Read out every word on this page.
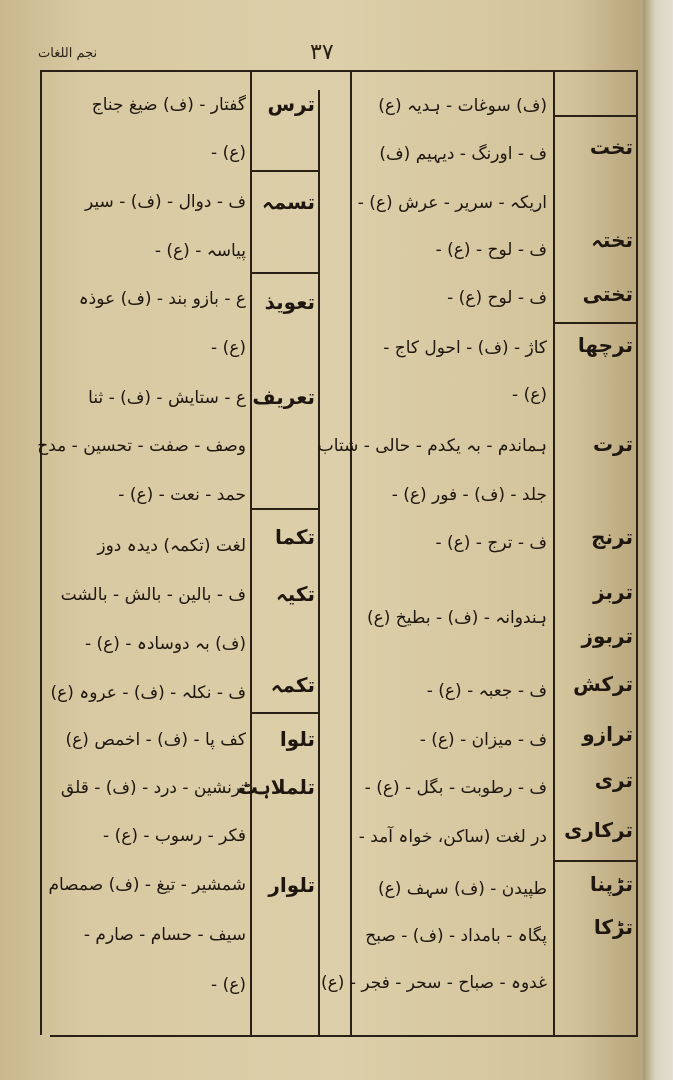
نجم اللغات	۳۷
تخت
تختہ
تختی
ترچھا
ترت
ترنج
تربز
تربوز
ترکش
ترازو
تری
ترکاری
تڑپنا
تڑکا
(ف) سوغات - ہدیہ (ع)
ف - اورنگ - دیہیم (ف)
اریکہ - سریر - عرش (ع) -
ف - لوح - (ع) -
ف - لوح (ع) -
کاژ - (ف) - احول کاج -
(ع) -
ہماندم - بہ یکدم - حالی - شتاب
جلد - (ف) - فور (ع) -
ف - ترج - (ع) -
ہندوانہ - (ف) - بطیخ (ع)
ف - جعبہ - (ع) -
ف - میزان - (ع) -
ف - رطوبت - بگل - (ع) -
در لغت (ساکن، خواہ آمد -
طپیدن - (ف) سہف (ع)
پگاہ - بامداد - (ف) - صبح
غدوہ - صباح - سحر - فجر - (ع)
ترس
تسمہ
تعویذ
تعریف
تکما
تکیہ
تکمہ
تلوا
تلملاہٹ
تلوار
گفتار - (ف) ضیغ جناج
(ع) -
ف - دوال - (ف) - سیر
پیاسہ - (ع) -
ع - بازو بند - (ف) عوذہ
(ع) -
ع - ستایش - (ف) - ثنا
وصف - صفت - تحسین - مدح
حمد - نعت - (ع) -
لغت (تکمہ) دیدہ دوز
ف - بالین - بالش - بالشت
(ف) بہ دوسادہ - (ع) -
ف - نکلہ - (ف) - عروہ (ع)
کف پا - (ف) - اخمص (ع)
ترنشین - درد - (ف) - قلق
فکر - رسوب - (ع) -
شمشیر - تیغ - (ف) صمصام
سیف - حسام - صارم -
(ع) -
